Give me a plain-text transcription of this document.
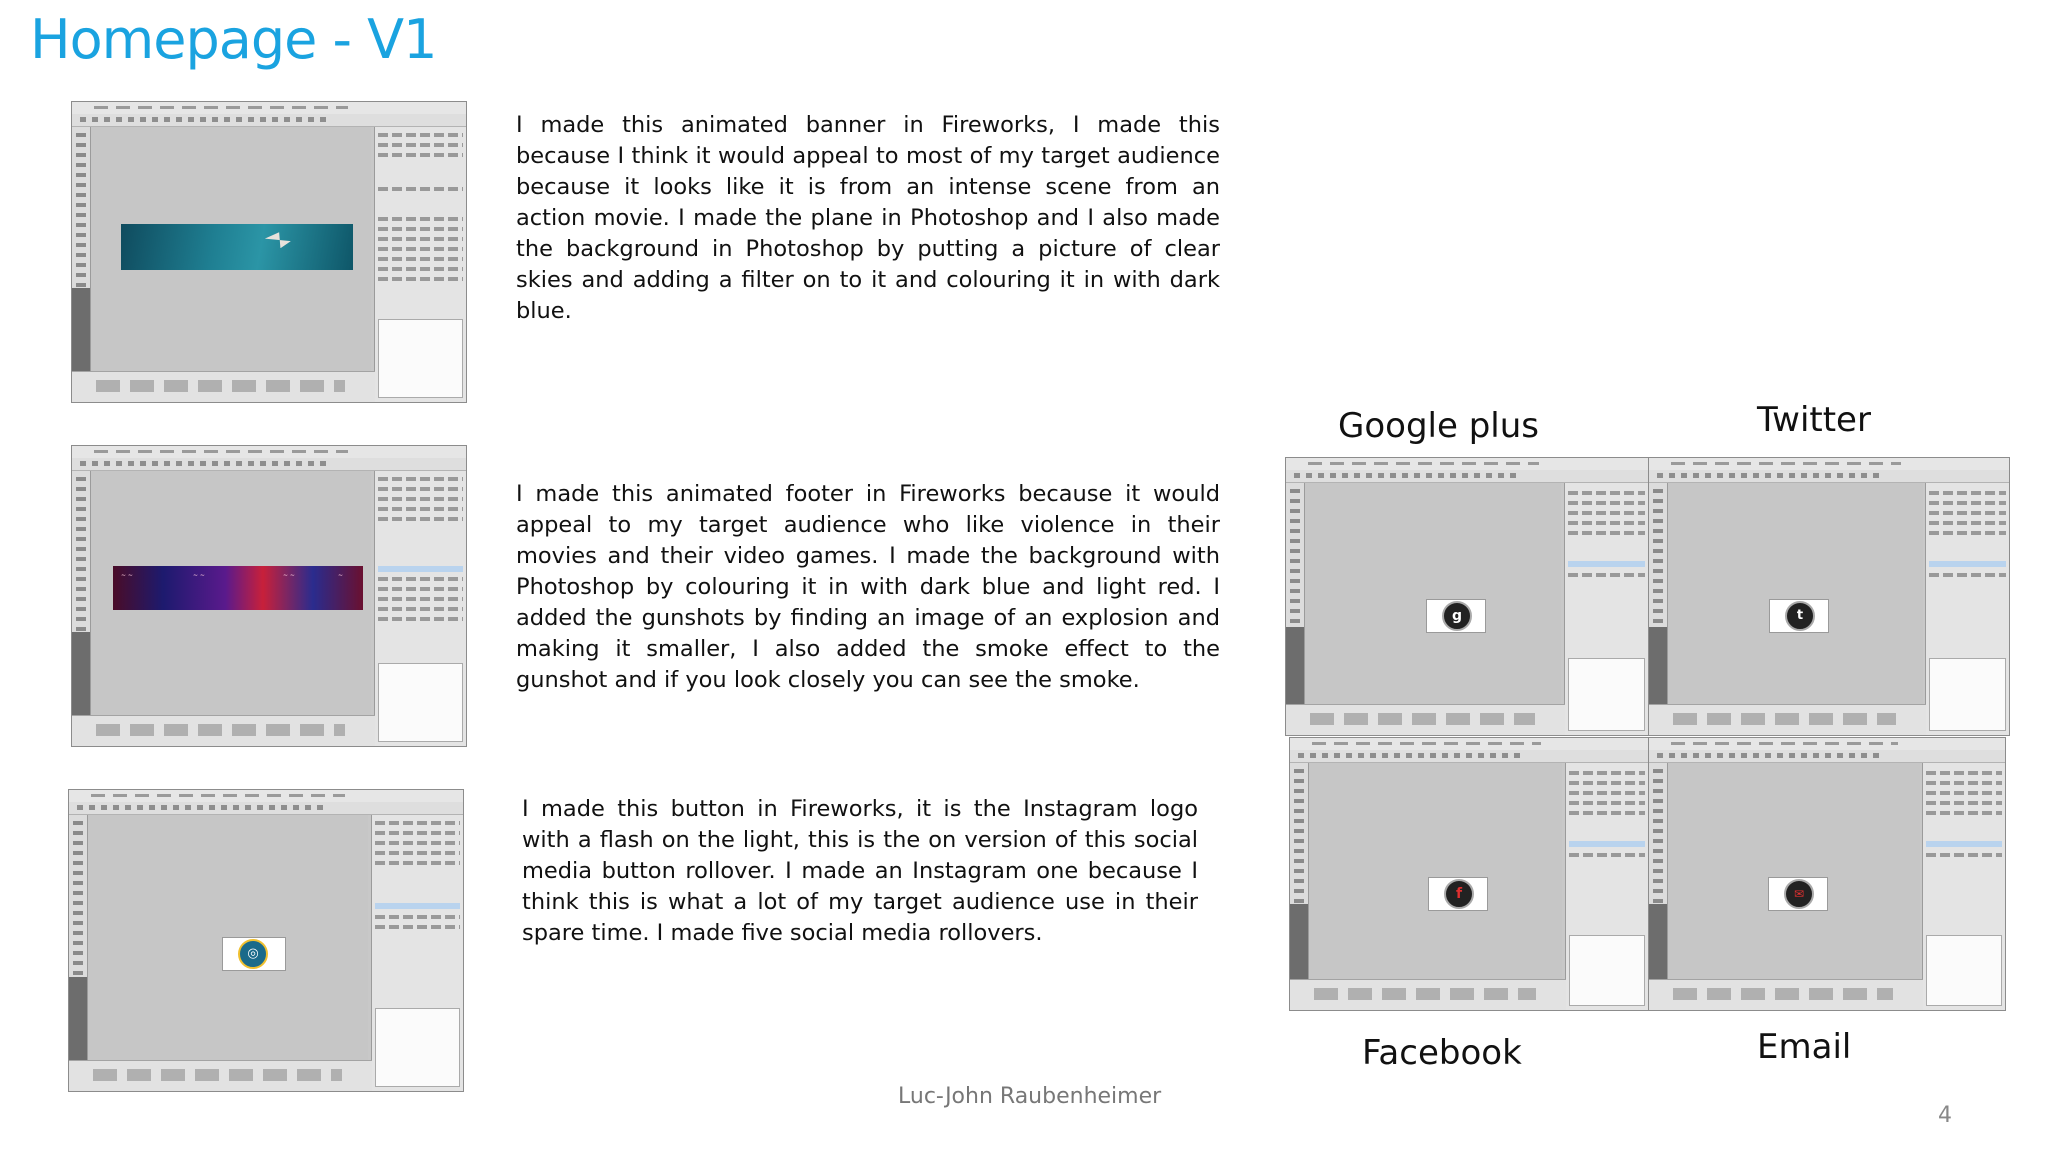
Homepage - V1
~ ~	~ ~	~ ~	~
◎

I made this animated banner in Fireworks, I made this because I think it would appeal to most of my target audience because it looks like it is from an intense scene from an action movie. I made the plane in Photoshop and I also made the background in Photoshop by putting a picture of clear skies and adding a filter on to it and colouring it in with dark blue.

I made this animated footer in Fireworks because it would appeal to my target audience who like violence in their movies and their video games. I made the background with Photoshop by colouring it in with dark blue and light red. I added the gunshots by finding an image of an explosion and making it smaller, I also added the smoke effect to the gunshot and if you look closely you can see the smoke.

I made this button in Fireworks, it is the Instagram logo with a flash on the light, this is the on version of this social media button rollover. I made an Instagram one because I think this is what a lot of my target audience use in their spare time. I made five social media rollovers.

Google plus	Twitter
Facebook	Email
g	t
f	✉
Luc-John Raubenheimer
4
